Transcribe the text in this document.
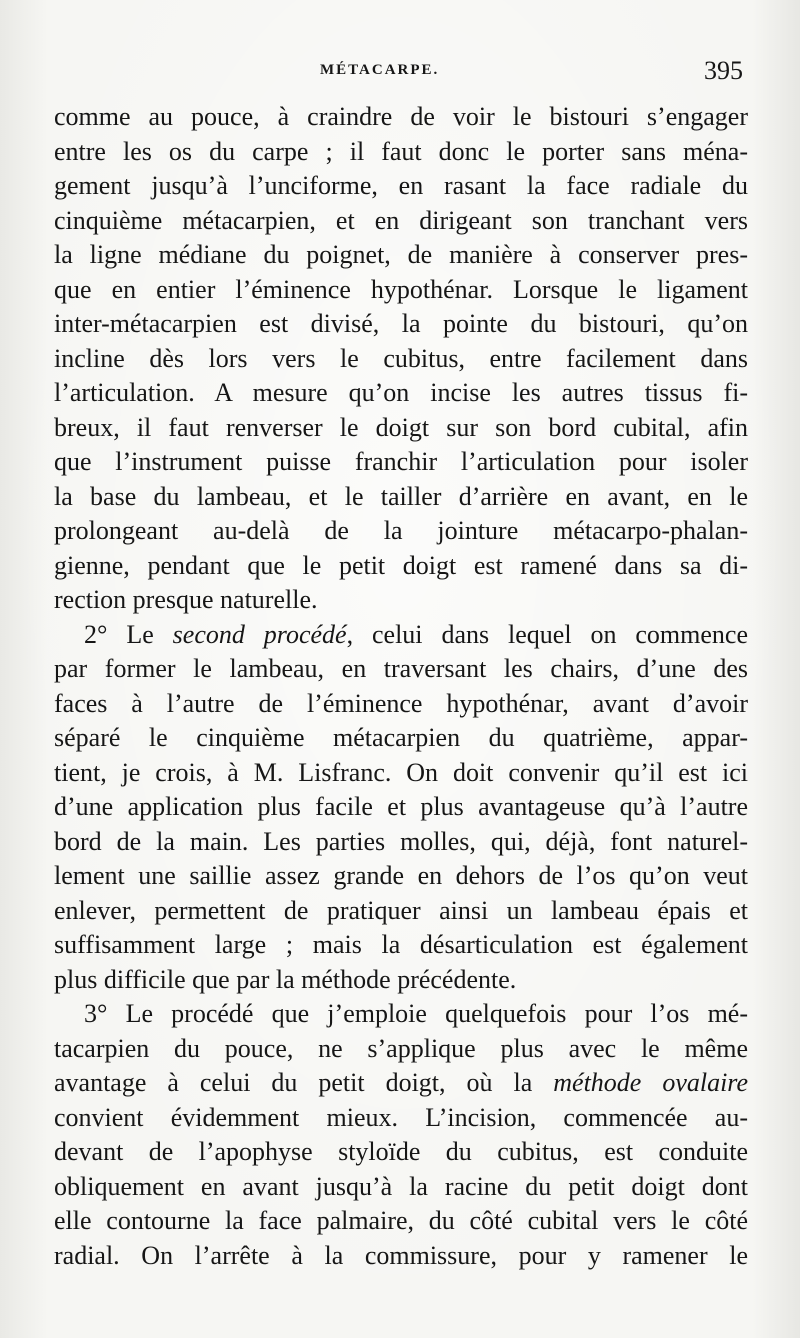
MÉTACARPE.	395
comme au pouce, à craindre de voir le bistouri s’engager
entre les os du carpe ; il faut donc le porter sans ména-
gement jusqu’à l’unciforme, en rasant la face radiale du
cinquième métacarpien, et en dirigeant son tranchant vers
la ligne médiane du poignet, de manière à conserver pres-
que en entier l’éminence hypothénar. Lorsque le ligament
inter-métacarpien est divisé, la pointe du bistouri, qu’on
incline dès lors vers le cubitus, entre facilement dans
l’articulation. A mesure qu’on incise les autres tissus fi-
breux, il faut renverser le doigt sur son bord cubital, afin
que l’instrument puisse franchir l’articulation pour isoler
la base du lambeau, et le tailler d’arrière en avant, en le
prolongeant au-delà de la jointure métacarpo-phalan-
gienne, pendant que le petit doigt est ramené dans sa di-
rection presque naturelle.
2° Le second procédé, celui dans lequel on commence
par former le lambeau, en traversant les chairs, d’une des
faces à l’autre de l’éminence hypothénar, avant d’avoir
séparé le cinquième métacarpien du quatrième, appar-
tient, je crois, à M. Lisfranc. On doit convenir qu’il est ici
d’une application plus facile et plus avantageuse qu’à l’autre
bord de la main. Les parties molles, qui, déjà, font naturel-
lement une saillie assez grande en dehors de l’os qu’on veut
enlever, permettent de pratiquer ainsi un lambeau épais et
suffisamment large ; mais la désarticulation est également
plus difficile que par la méthode précédente.
3° Le procédé que j’emploie quelquefois pour l’os mé-
tacarpien du pouce, ne s’applique plus avec le même
avantage à celui du petit doigt, où la méthode ovalaire
convient évidemment mieux. L’incision, commencée au-
devant de l’apophyse styloïde du cubitus, est conduite
obliquement en avant jusqu’à la racine du petit doigt dont
elle contourne la face palmaire, du côté cubital vers le côté
radial. On l’arrête à la commissure, pour y ramener le
